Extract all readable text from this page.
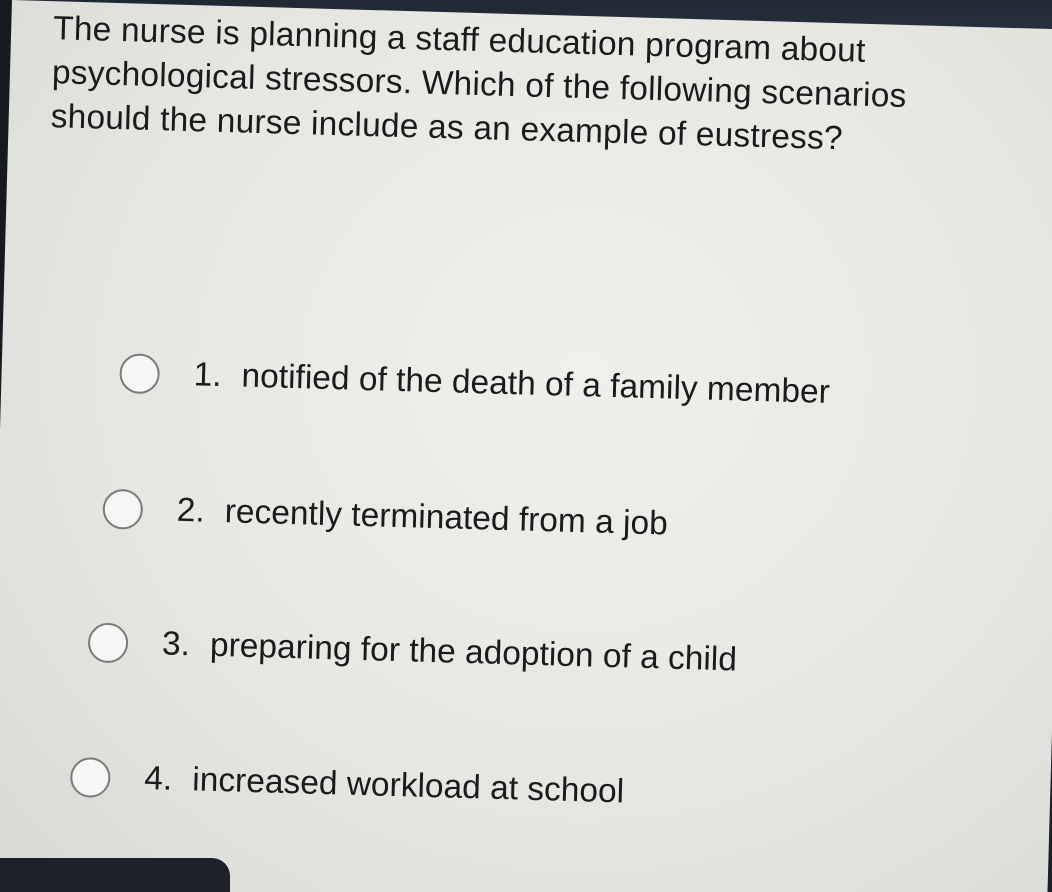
The nurse is planning a staff education program about psychological stressors. Which of the following scenarios should the nurse include as an example of eustress?

1. notified of the death of a family member
2. recently terminated from a job
3. preparing for the adoption of a child
4. increased workload at school
